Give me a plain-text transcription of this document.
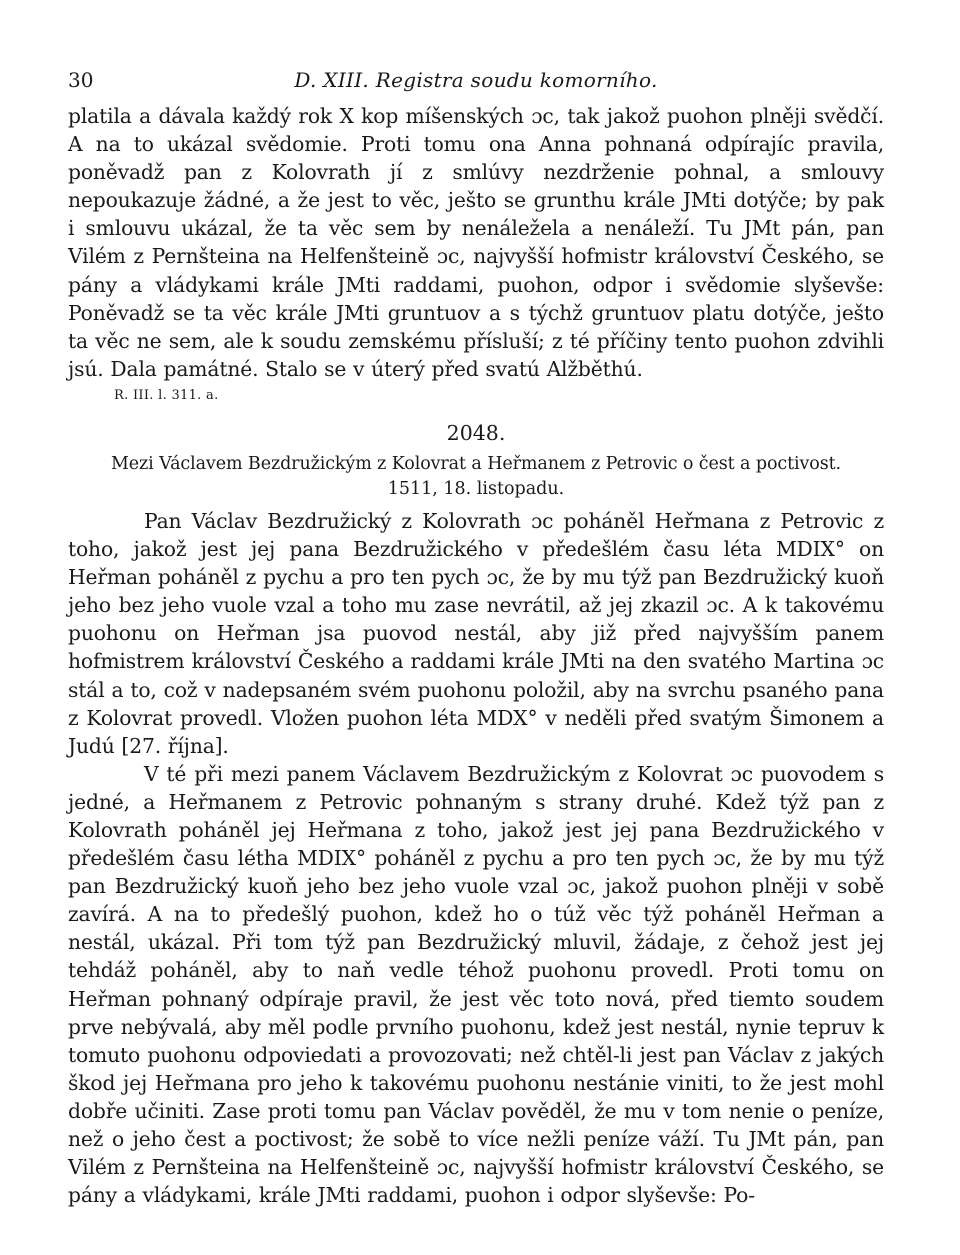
30	D. XIII. Registra soudu komorního.

platila a dávala každý rok X kop míšenských ɔc, tak jakož puohon plněji svědčí. A na to ukázal svědomie. Proti tomu ona Anna pohnaná odpírajíc pravila, poněvadž pan z Kolovrath jí z smlúvy nezdrženie pohnal, a smlouvy nepoukazuje žádné, a že jest to věc, ješto se grunthu krále JMti dotýče; by pak i smlouvu ukázal, že ta věc sem by nenáležela a nenáleží. Tu JMt pán, pan Vilém z Pernšteina na Helfenšteině ɔc, najvyšší hofmistr království Českého, se pány a vládykami krále JMti raddami, puohon, odpor i svědomie slyševše: Poněvadž se ta věc krále JMti gruntuov a s týchž gruntuov platu dotýče, ješto ta věc ne sem, ale k soudu zemskému přísluší; z té příčiny tento puohon zdvihli jsú. Dala památné. Stalo se v úterý před svatú Alžběthú.

R. III. l. 311. a.

2048.
Mezi Václavem Bezdružickým z Kolovrat a Heřmanem z Petrovic o čest a poctivost.
1511, 18. listopadu.

Pan Václav Bezdružický z Kolovrath ɔc poháněl Heřmana z Petrovic z toho, jakož jest jej pana Bezdružického v předešlém času léta MDIX° on Heřman poháněl z pychu a pro ten pych ɔc, že by mu týž pan Bezdružický kuoň jeho bez jeho vuole vzal a toho mu zase nevrátil, až jej zkazil ɔc. A k takovému puohonu on Heřman jsa puovod nestál, aby již před najvyšším panem hofmistrem království Českého a raddami krále JMti na den svatého Martina ɔc stál a to, což v nadepsaném svém puohonu položil, aby na svrchu psaného pana z Kolovrat provedl. Vložen puohon léta MDX° v neděli před svatým Šimonem a Judú [27. října].

V té při mezi panem Václavem Bezdružickým z Kolovrat ɔc puovodem s jedné, a Heřmanem z Petrovic pohnaným s strany druhé. Kdež týž pan z Kolovrath poháněl jej Heřmana z toho, jakož jest jej pana Bezdružického v předešlém času létha MDIX° poháněl z pychu a pro ten pych ɔc, že by mu týž pan Bezdružický kuoň jeho bez jeho vuole vzal ɔc, jakož puohon plněji v sobě zavírá. A na to předešlý puohon, kdež ho o túž věc týž poháněl Heřman a nestál, ukázal. Při tom týž pan Bezdružický mluvil, žádaje, z čehož jest jej tehdáž poháněl, aby to naň vedle téhož puohonu provedl. Proti tomu on Heřman pohnaný odpíraje pravil, že jest věc toto nová, před tiemto soudem prve nebývalá, aby měl podle prvního puohonu, kdež jest nestál, nynie tepruv k tomuto puohonu odpoviedati a provozovati; než chtěl-li jest pan Václav z jakých škod jej Heřmana pro jeho k takovému puohonu nestánie viniti, to že jest mohl dobře učiniti. Zase proti tomu pan Václav pověděl, že mu v tom nenie o peníze, než o jeho čest a poctivost; že sobě to více nežli peníze váží. Tu JMt pán, pan Vilém z Pernšteina na Helfenšteině ɔc, najvyšší hofmistr království Českého, se pány a vládykami, krále JMti raddami, puohon i odpor slyševše: Po-
